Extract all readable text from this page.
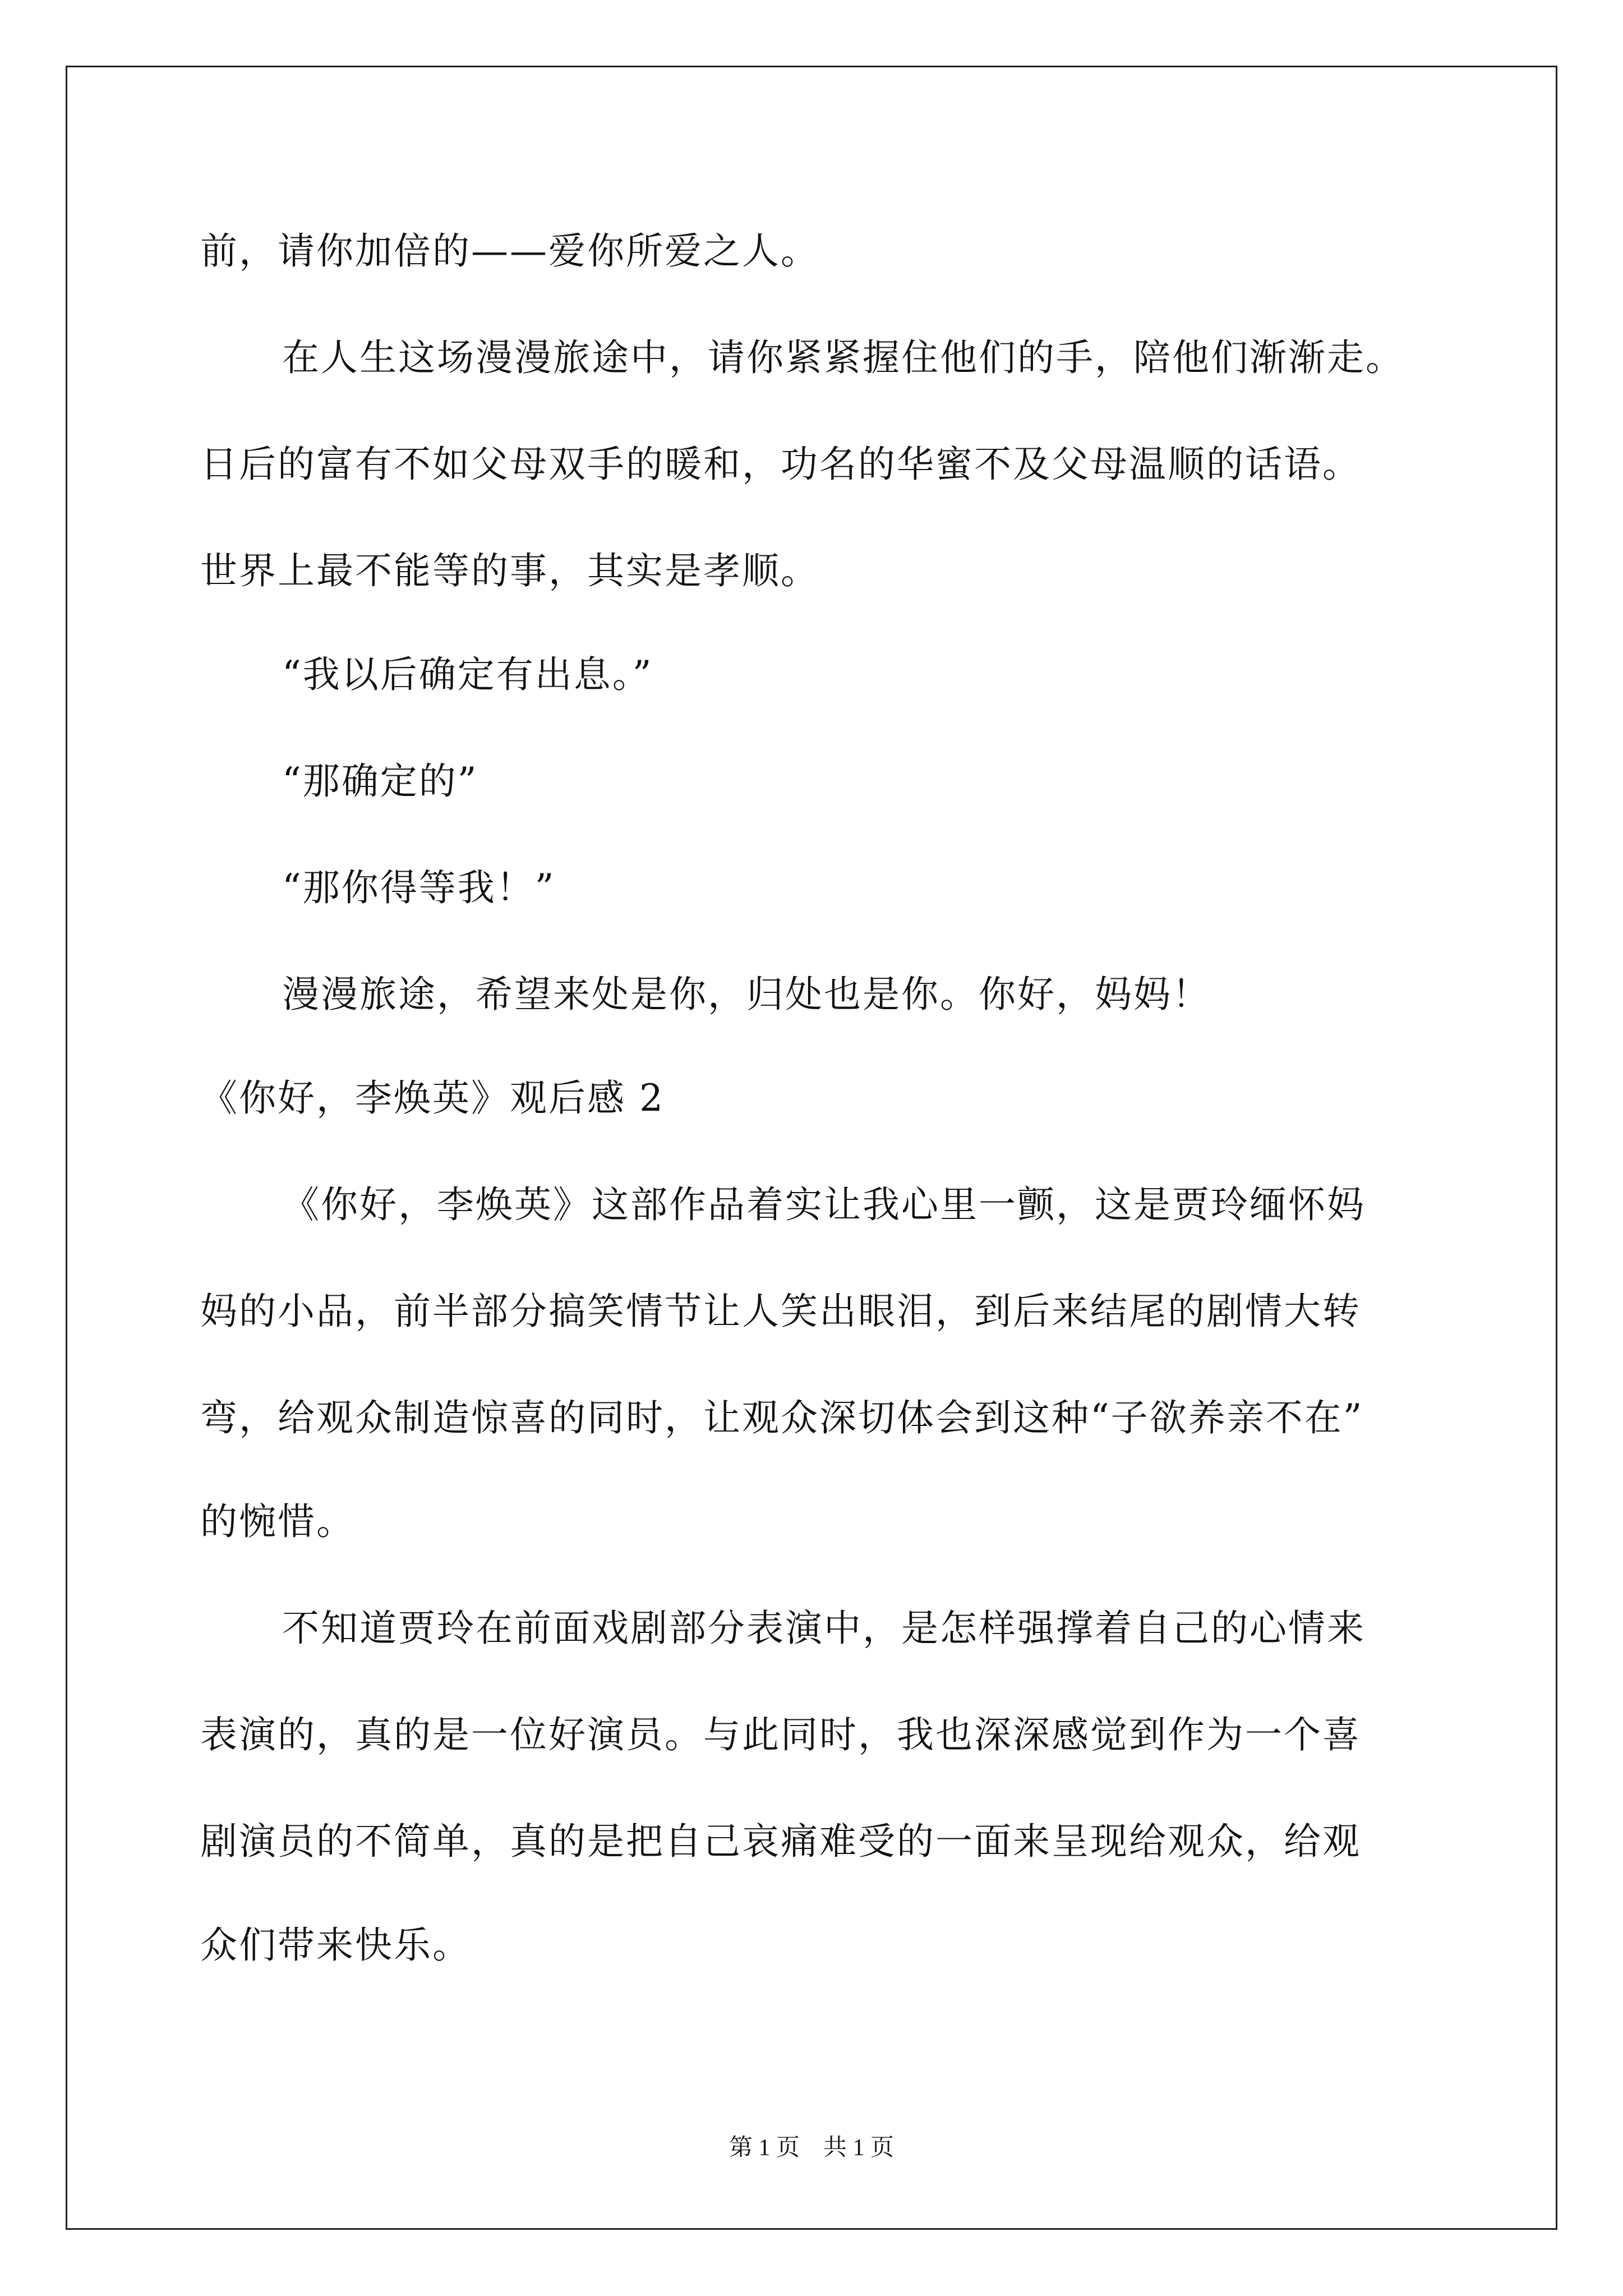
前，请你加倍的——爱你所爱之人。
在人生这场漫漫旅途中，请你紧紧握住他们的手，陪他们渐渐走。
日后的富有不如父母双手的暖和，功名的华蜜不及父母温顺的话语。
世界上最不能等的事，其实是孝顺。
“我以后确定有出息。”
“那确定的”
“那你得等我！”
漫漫旅途，希望来处是你，归处也是你。你好，妈妈！
《你好，李焕英》观后感 2
《你好，李焕英》这部作品着实让我心里一颤，这是贾玲缅怀妈
妈的小品，前半部分搞笑情节让人笑出眼泪，到后来结尾的剧情大转
弯，给观众制造惊喜的同时，让观众深切体会到这种“子欲养亲不在”
的惋惜。
不知道贾玲在前面戏剧部分表演中，是怎样强撑着自己的心情来
表演的，真的是一位好演员。与此同时，我也深深感觉到作为一个喜
剧演员的不简单，真的是把自己哀痛难受的一面来呈现给观众，给观
众们带来快乐。
第 1 页　共 1 页
